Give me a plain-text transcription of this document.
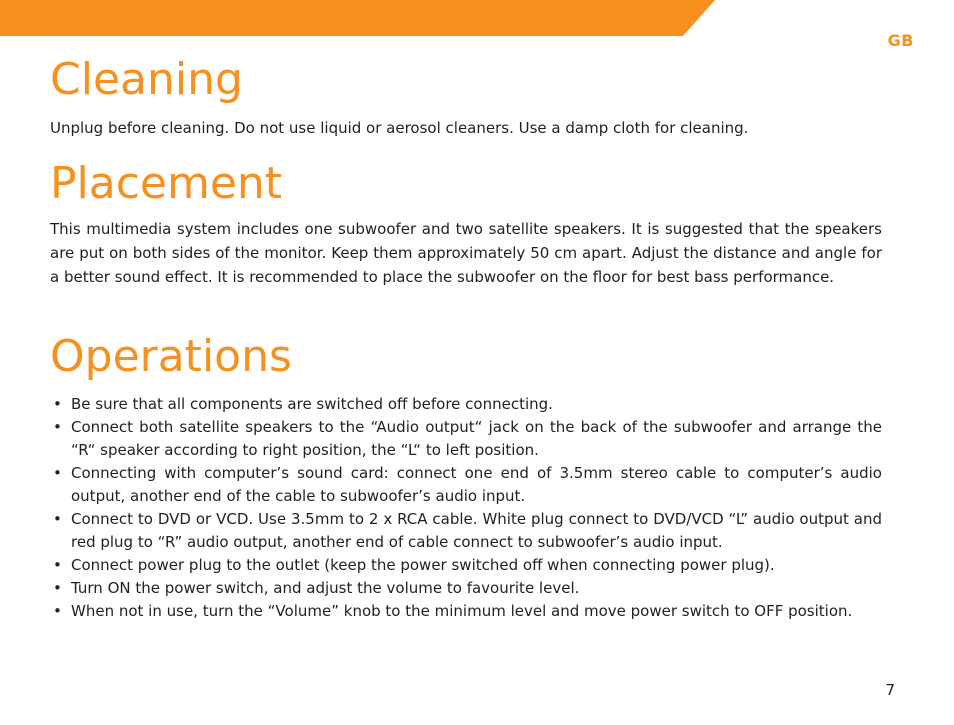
GB
Cleaning

Unplug before cleaning. Do not use liquid or aerosol cleaners. Use a damp cloth for cleaning.

Placement

This multimedia system includes one subwoofer and two satellite speakers. It is suggested that the speakers are put on both sides of the monitor. Keep them approximately 50 cm apart. Adjust the distance and angle for a better sound effect. It is recommended to place the subwoofer on the floor for best bass performance.

Operations
• Be sure that all components are switched off before connecting.
• Connect both satellite speakers to the “Audio output“ jack on the back of the subwoofer and arrange the “R“ speaker according to right position, the “L“ to left position.
• Connecting with computer’s sound card: connect one end of 3.5mm stereo cable to computer’s audio output, another end of the cable to subwoofer’s audio input.
• Connect to DVD or VCD. Use 3.5mm to 2 x RCA cable. White plug connect to DVD/VCD “L” audio output and red plug to “R” audio output, another end of cable connect to subwoofer’s audio input.
• Connect power plug to the outlet (keep the power switched off when connecting power plug).
• Turn ON the power switch, and adjust the volume to favourite level.
• When not in use, turn the “Volume” knob to the minimum level and move power switch to OFF position.
7
